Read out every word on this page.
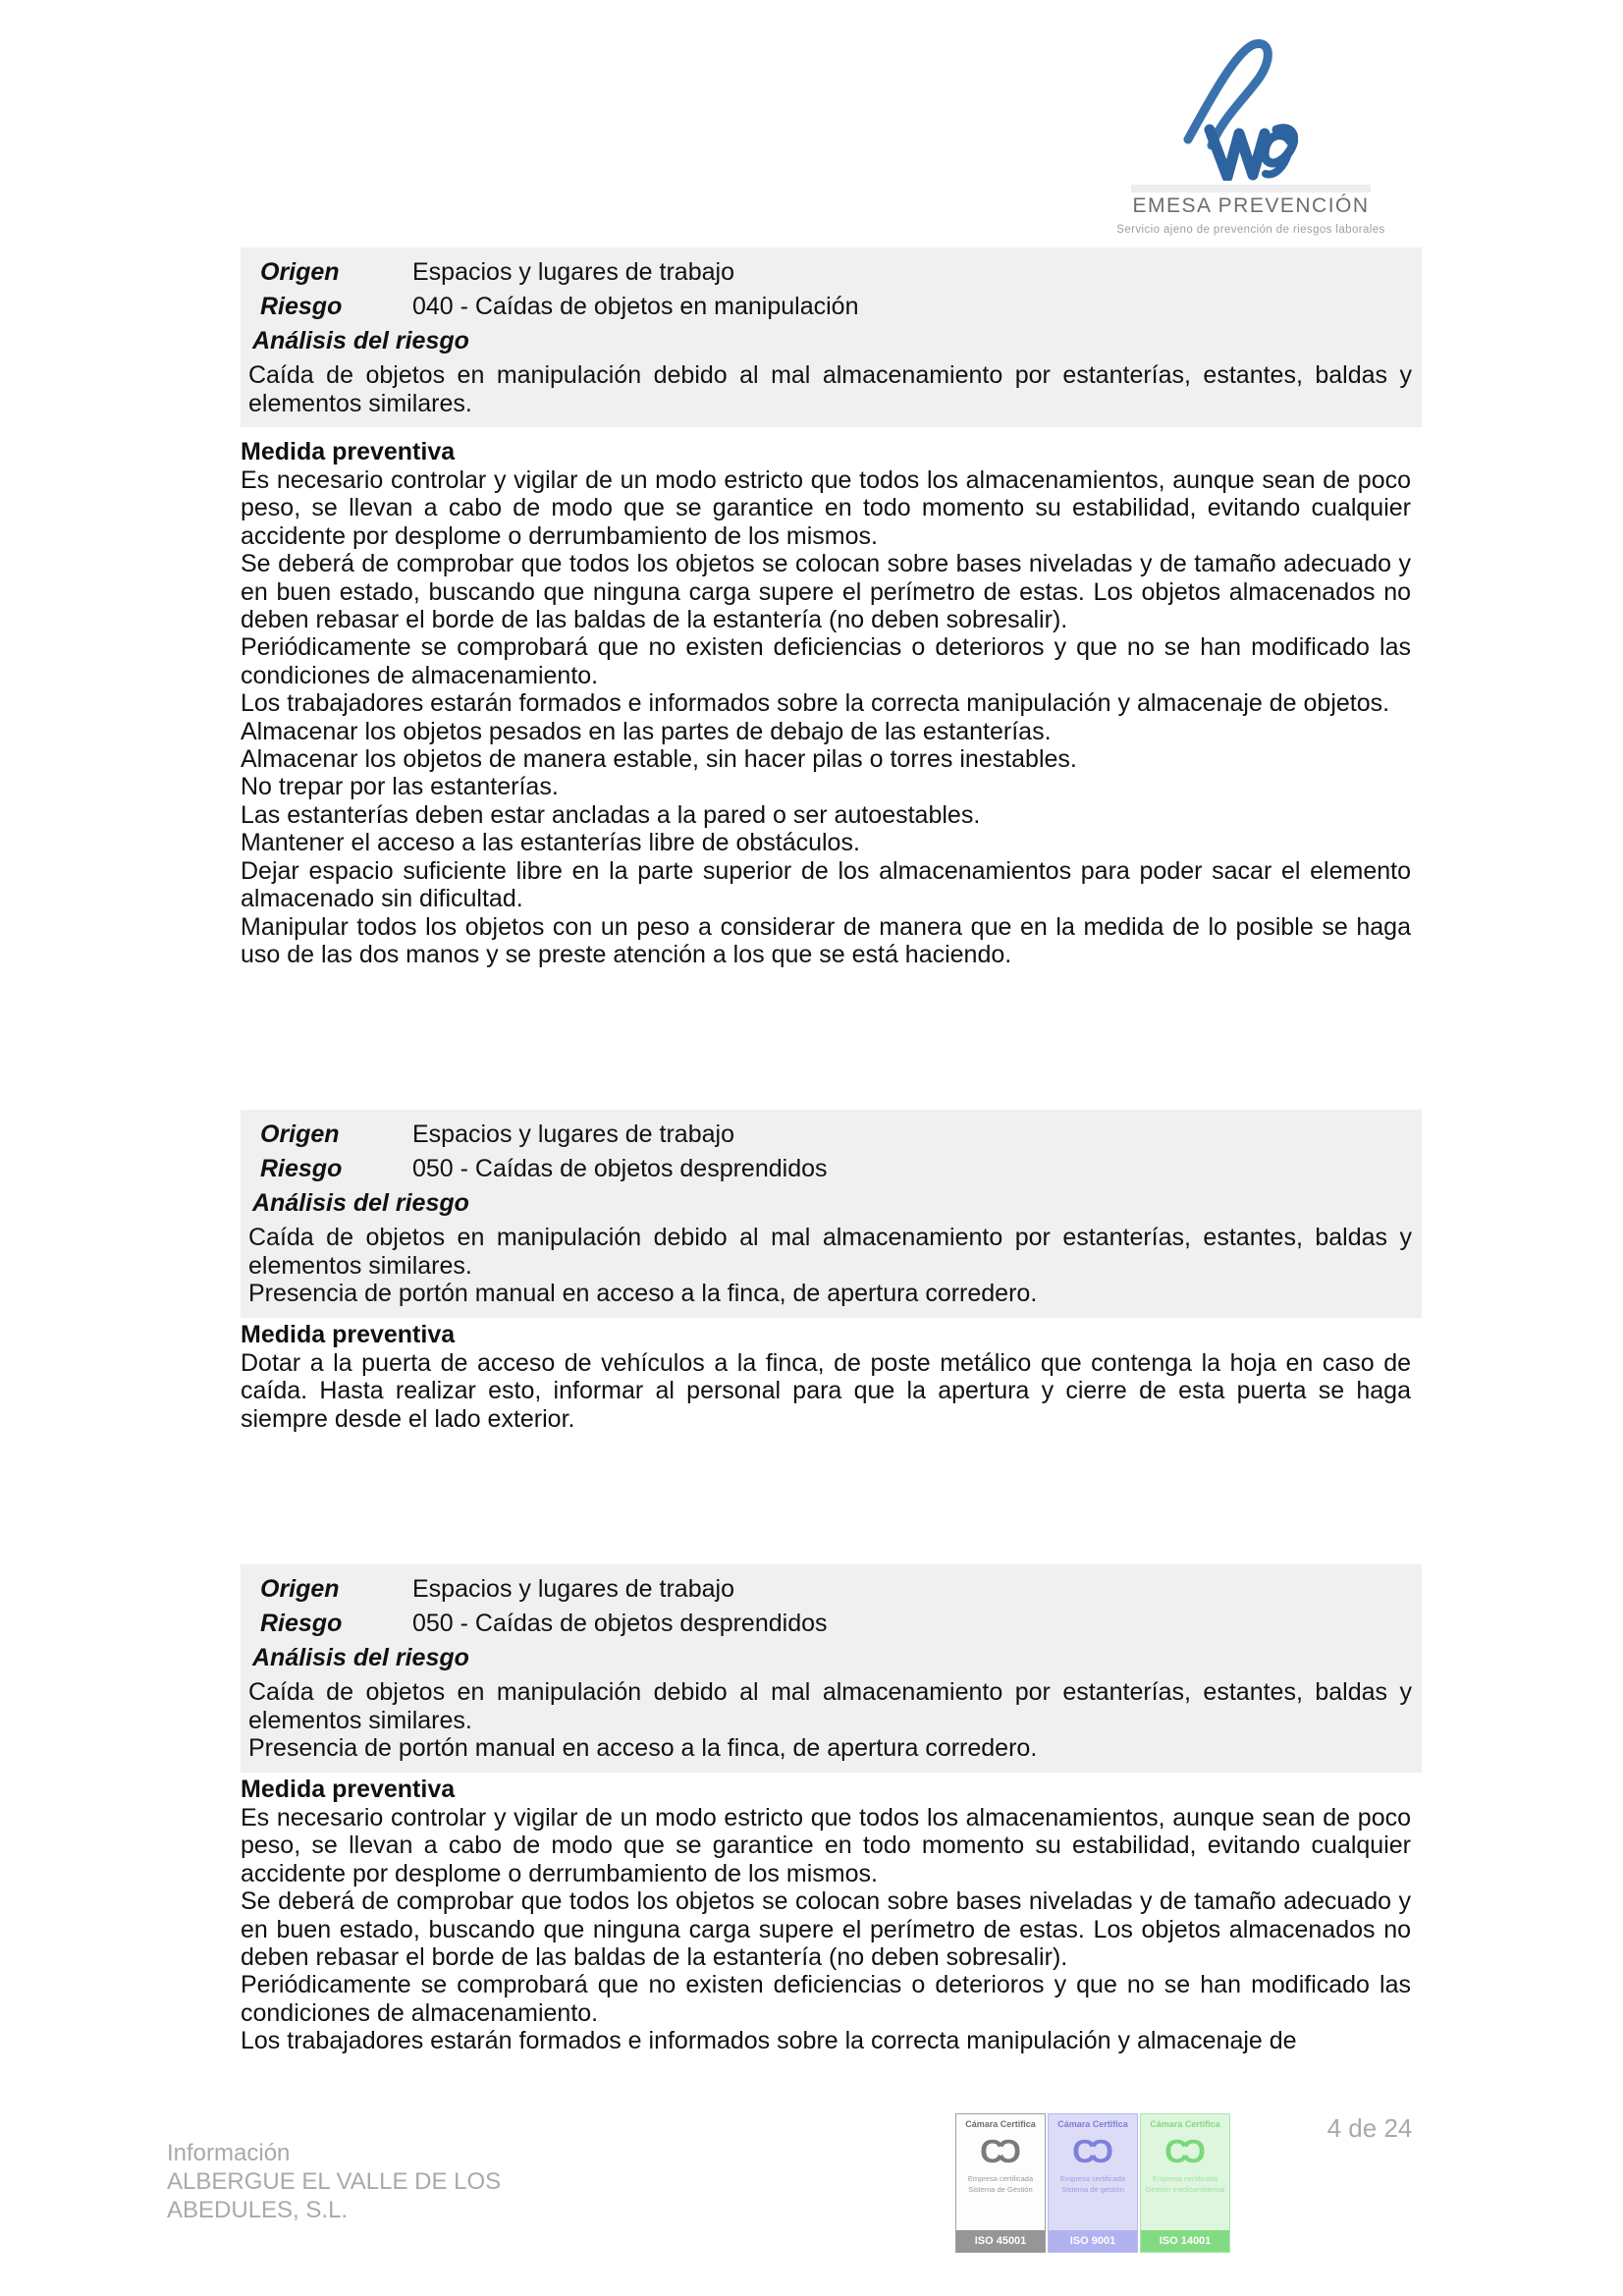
EMESA PREVENCIÓN
Servicio ajeno de prevención de riesgos laborales
Origen	Espacios y lugares de trabajo
Riesgo	040 - Caídas de objetos en manipulación
Análisis del riesgo

Caída de objetos en manipulación debido al mal almacenamiento por estanterías, estantes, baldas y elementos similares.

Medida preventiva

Es necesario controlar y vigilar de un modo estricto que todos los almacenamientos, aunque sean de poco peso, se llevan a cabo de modo que se garantice en todo momento su estabilidad, evitando cualquier accidente por desplome o derrumbamiento de los mismos.

Se deberá de comprobar que todos los objetos se colocan sobre bases niveladas y de tamaño adecuado y en buen estado, buscando que ninguna carga supere el perímetro de estas. Los objetos almacenados no deben rebasar el borde de las baldas de la estantería (no deben sobresalir).

Periódicamente se comprobará que no existen deficiencias o deterioros y que no se han modificado las condiciones de almacenamiento.

Los trabajadores estarán formados e informados sobre la correcta manipulación y almacenaje de objetos.

Almacenar los objetos pesados en las partes de debajo de las estanterías.

Almacenar los objetos de manera estable, sin hacer pilas o torres inestables.

No trepar por las estanterías.

Las estanterías deben estar ancladas a la pared o ser autoestables.

Mantener el acceso a las estanterías libre de obstáculos.

Dejar espacio suficiente libre en la parte superior de los almacenamientos para poder sacar el elemento almacenado sin dificultad.

Manipular todos los objetos con un peso a considerar de manera que en la medida de lo posible se haga uso de las dos manos y se preste atención a los que se está haciendo.

Origen	Espacios y lugares de trabajo
Riesgo	050 - Caídas de objetos desprendidos
Análisis del riesgo

Caída de objetos en manipulación debido al mal almacenamiento por estanterías, estantes, baldas y elementos similares.

Presencia de portón manual en acceso a la finca, de apertura corredero.

Medida preventiva

Dotar a la puerta de acceso de vehículos a la finca, de poste metálico que contenga la hoja en caso de caída. Hasta realizar esto, informar al personal para que la apertura y cierre de esta puerta se haga siempre desde el lado exterior.

Origen	Espacios y lugares de trabajo
Riesgo	050 - Caídas de objetos desprendidos
Análisis del riesgo

Caída de objetos en manipulación debido al mal almacenamiento por estanterías, estantes, baldas y elementos similares.

Presencia de portón manual en acceso a la finca, de apertura corredero.

Medida preventiva

Es necesario controlar y vigilar de un modo estricto que todos los almacenamientos, aunque sean de poco peso, se llevan a cabo de modo que se garantice en todo momento su estabilidad, evitando cualquier accidente por desplome o derrumbamiento de los mismos.

Se deberá de comprobar que todos los objetos se colocan sobre bases niveladas y de tamaño adecuado y en buen estado, buscando que ninguna carga supere el perímetro de estas. Los objetos almacenados no deben rebasar el borde de las baldas de la estantería (no deben sobresalir).

Periódicamente se comprobará que no existen deficiencias o deterioros y que no se han modificado las condiciones de almacenamiento.

Los trabajadores estarán formados e informados sobre la correcta manipulación y almacenaje de

Información
ALBERGUE EL VALLE DE LOS
ABEDULES, S.L.
Cámara Certifica
CC
Empresa certificada
Sistema de Gestión
ISO 45001
Cámara Certifica
CC
Empresa certificada
Sistema de gestión
ISO 9001
Cámara Certifica
CC
Empresa certificada
Gestión medioambiental
ISO 14001
4 de 24
